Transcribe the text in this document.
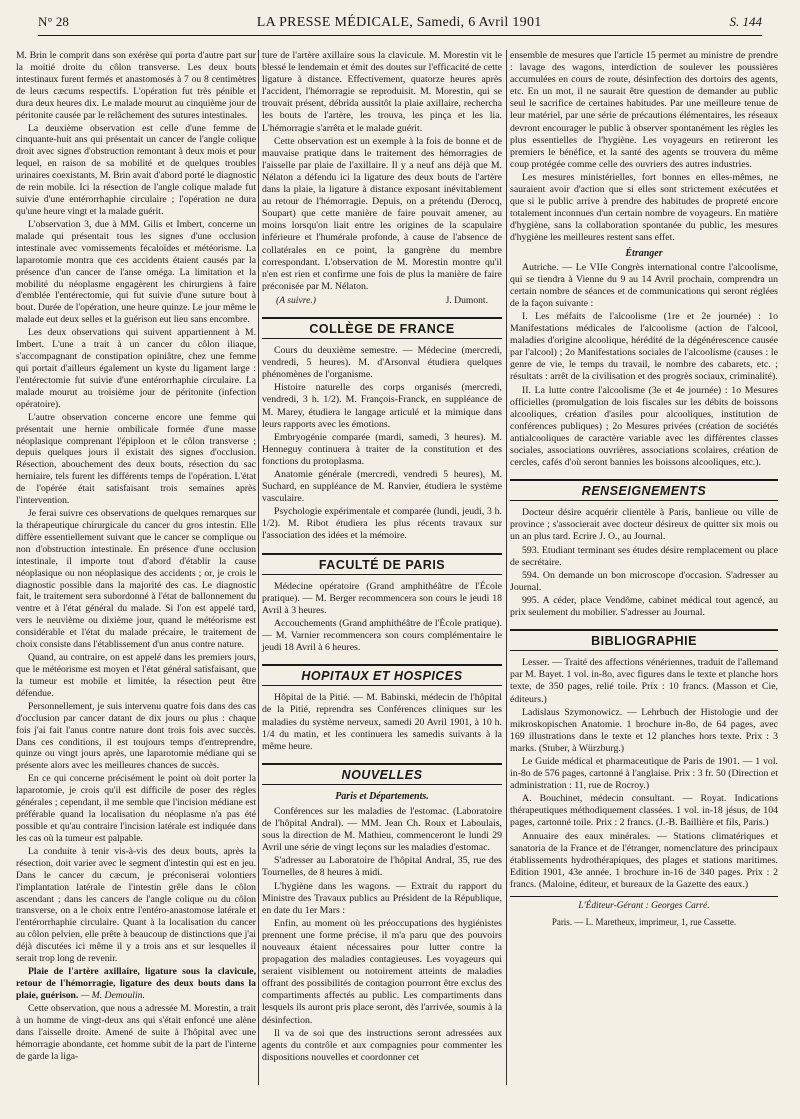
N° 28	LA PRESSE MÉDICALE, Samedi, 6 Avril 1901	S. 144

M. Brin le comprit dans son exérèse qui porta d'autre part sur la moitié droite du côlon transverse. Les deux bouts intestinaux furent fermés et anastomosés à 7 ou 8 centimètres de leurs cæcums respectifs. L'opération fut très pénible et dura deux heures dix. Le malade mourut au cinquième jour de péritonite causée par le relâchement des sutures intestinales.

La deuxième observation est celle d'une femme de cinquante-huit ans qui présentait un cancer de l'angle colique droit avec signes d'obstruction remontant à deux mois et pour lequel, en raison de sa mobilité et de quelques troubles urinaires coexistants, M. Brin avait d'abord porté le diagnostic de rein mobile. Ici la résection de l'angle colique malade fut suivie d'une entérorrhaphie circulaire ; l'opération ne dura qu'une heure vingt et la malade guérit.

L'observation 3, due à MM. Gilis et Imbert, concerne un malade qui présentait tous les signes d'une occlusion intestinale avec vomissements fécaloïdes et météorisme. La laparotomie montra que ces accidents étaient causés par la présence d'un cancer de l'anse oméga. La limitation et la mobilité du néoplasme engagèrent les chirurgiens à faire d'emblée l'entérectomie, qui fut suivie d'une suture bout à bout. Durée de l'opération, une heure quinze. Le jour même le malade eut deux selles et la guérison eut lieu sans encombre.

Les deux observations qui suivent appartiennent à M. Imbert. L'une a trait à un cancer du côlon iliaque, s'accompagnant de constipation opiniâtre, chez une femme qui portait d'ailleurs également un kyste du ligament large : l'entérectomie fut suivie d'une entérorrhaphie circulaire. La malade mourut au troisième jour de péritonite (infection opératoire).

L'autre observation concerne encore une femme qui présentait une hernie ombilicale formée d'une masse néoplasique comprenant l'épiploon et le côlon transverse ; depuis quelques jours il existait des signes d'occlusion. Résection, abouchement des deux bouts, résection du sac herniaire, tels furent les différents temps de l'opération. L'état de l'opérée était satisfaisant trois semaines après l'intervention.

Je ferai suivre ces observations de quelques remarques sur la thérapeutique chirurgicale du cancer du gros intestin. Elle diffère essentiellement suivant que le cancer se complique ou non d'obstruction intestinale. En présence d'une occlusion intestinale, il importe tout d'abord d'établir la cause néoplasique ou non néoplasique des accidents ; or, je crois le diagnostic possible dans la majorité des cas. Le diagnostic fait, le traitement sera subordonné à l'état de ballonnement du ventre et à l'état général du malade. Si l'on est appelé tard, vers le neuvième ou dixième jour, quand le météorisme est considérable et l'état du malade précaire, le traitement de choix consiste dans l'établissement d'un anus contre nature.

Quand, au contraire, on est appelé dans les premiers jours, que le météorisme est moyen et l'état général satisfaisant, que la tumeur est mobile et limitée, la résection peut être défendue.

Personnellement, je suis intervenu quatre fois dans des cas d'occlusion par cancer datant de dix jours ou plus : chaque fois j'ai fait l'anus contre nature dont trois fois avec succès. Dans ces conditions, il est toujours temps d'entreprendre, quinze ou vingt jours après, une laparotomie médiane qui se présente alors avec les meilleures chances de succès.

En ce qui concerne précisément le point où doit porter la laparotomie, je crois qu'il est difficile de poser des règles générales ; cependant, il me semble que l'incision médiane est préférable quand la localisation du néoplasme n'a pas été possible et qu'au contraire l'incision latérale est indiquée dans les cas où la tumeur est palpable.

La conduite à tenir vis-à-vis des deux bouts, après la résection, doit varier avec le segment d'intestin qui est en jeu. Dans le cancer du cæcum, je préconiserai volontiers l'implantation latérale de l'intestin grêle dans le côlon ascendant ; dans les cancers de l'angle colique ou du côlon transverse, on a le choix entre l'entéro-anastomose latérale et l'entérorrhaphie circulaire. Quant à la localisation du cancer au côlon pelvien, elle prête à beaucoup de distinctions que j'ai déjà discutées ici même il y a trois ans et sur lesquelles il serait trop long de revenir.

Plaie de l'artère axillaire, ligature sous la clavicule, retour de l'hémorragie, ligature des deux bouts dans la plaie, guérison. — M. Demoulin.

Cette observation, que nous a adressée M. Morestin, a trait à un homme de vingt-deux ans qui s'était enfoncé une alène dans l'aisselle droite. Amené de suite à l'hôpital avec une hémorragie abondante, cet homme subit de la part de l'interne de garde la liga-

ture de l'artère axillaire sous la clavicule. M. Morestin vit le blessé le lendemain et émit des doutes sur l'efficacité de cette ligature à distance. Effectivement, quatorze heures après l'accident, l'hémorragie se reproduisit. M. Morestin, qui se trouvait présent, débrida aussitôt la plaie axillaire, rechercha les bouts de l'artère, les trouva, les pinça et les lia. L'hémorragie s'arrêta et le malade guérit.

Cette observation est un exemple à la fois de bonne et de mauvaise pratique dans le traitement des hémorragies de l'aisselle par plaie de l'axillaire. Il y a neuf ans déjà que M. Nélaton a défendu ici la ligature des deux bouts de l'artère dans la plaie, la ligature à distance exposant inévitablement au retour de l'hémorragie. Depuis, on a prétendu (Derocq, Soupart) que cette manière de faire pouvait amener, au moins lorsqu'on liait entre les origines de la scapulaire inférieure et l'humérale profonde, à cause de l'absence de collatérales en ce point, la gangrène du membre correspondant. L'observation de M. Morestin montre qu'il n'en est rien et confirme une fois de plus la manière de faire préconisée par M. Nélaton.

(A suivre.)	J. Dumont.
COLLÈGE DE FRANCE

Cours du deuxième semestre. — Médecine (mercredi, vendredi, 5 heures). M. d'Arsonval étudiera quelques phénomènes de l'organisme.

Histoire naturelle des corps organisés (mercredi, vendredi, 3 h. 1/2). M. François-Franck, en suppléance de M. Marey, étudiera le langage articulé et la mimique dans leurs rapports avec les émotions.

Embryogénie comparée (mardi, samedi, 3 heures). M. Henneguy continuera à traiter de la constitution et des fonctions du protoplasma.

Anatomie générale (mercredi, vendredi 5 heures), M. Suchard, en suppléance de M. Ranvier, étudiera le système vasculaire.

Psychologie expérimentale et comparée (lundi, jeudi, 3 h. 1/2). M. Ribot étudiera les plus récents travaux sur l'association des idées et la mémoire.

FACULTÉ DE PARIS

Médecine opératoire (Grand amphithéâtre de l'École pratique). — M. Berger recommencera son cours le jeudi 18 Avril à 3 heures.

Accouchements (Grand amphithéâtre de l'École pratique). — M. Varnier recommencera son cours complémentaire le jeudi 18 Avril à 6 heures.

HOPITAUX ET HOSPICES

Hôpital de la Pitié. — M. Babinski, médecin de l'hôpital de la Pitié, reprendra ses Conférences cliniques sur les maladies du système nerveux, samedi 20 Avril 1901, à 10 h. 1/4 du matin, et les continuera les samedis suivants à la même heure.

NOUVELLES
Paris et Départements.

Conférences sur les maladies de l'estomac. (Laboratoire de l'hôpital Andral). — MM. Jean Ch. Roux et Laboulais, sous la direction de M. Mathieu, commenceront le lundi 29 Avril une série de vingt leçons sur les maladies d'estomac.

S'adresser au Laboratoire de l'hôpital Andral, 35, rue des Tournelles, de 8 heures à midi.

L'hygiène dans les wagons. — Extrait du rapport du Ministre des Travaux publics au Président de la République, en date du 1er Mars :

Enfin, au moment où les préoccupations des hygiénistes prennent une forme précise, il m'a paru que des pouvoirs nouveaux étaient nécessaires pour lutter contre la propagation des maladies contagieuses. Les voyageurs qui seraient visiblement ou notoirement atteints de maladies offrant des possibilités de contagion pourront être exclus des compartiments affectés au public. Les compartiments dans lesquels ils auront pris place seront, dès l'arrivée, soumis à la désinfection.

Il va de soi que des instructions seront adressées aux agents du contrôle et aux compagnies pour commenter les dispositions nouvelles et coordonner cet

ensemble de mesures que l'article 15 permet au ministre de prendre : lavage des wagons, interdiction de soulever les poussières accumulées en cours de route, désinfection des dortoirs des agents, etc. En un mot, il ne saurait être question de demander au public seul le sacrifice de certaines habitudes. Par une meilleure tenue de leur matériel, par une série de précautions élémentaires, les réseaux devront encourager le public à observer spontanément les règles les plus essentielles de l'hygiène. Les voyageurs en retireront les premiers le bénéfice, et la santé des agents se trouvera du même coup protégée comme celle des ouvriers des autres industries.

Les mesures ministérielles, fort bonnes en elles-mêmes, ne sauraient avoir d'action que si elles sont strictement exécutées et que si le public arrive à prendre des habitudes de propreté encore totalement inconnues d'un certain nombre de voyageurs. En matière d'hygiène, sans la collaboration spontanée du public, les mesures d'hygiène les meilleures restent sans effet.

Étranger

Autriche. — Le VIIe Congrès international contre l'alcoolisme, qui se tiendra à Vienne du 9 au 14 Avril prochain, comprendra un certain nombre de séances et de communications qui seront réglées de la façon suivante :

I. Les méfaits de l'alcoolisme (1re et 2e journée) : 1o Manifestations médicales de l'alcoolisme (action de l'alcool, maladies d'origine alcoolique, hérédité de la dégénérescence causée par l'alcool) ; 2o Manifestations sociales de l'alcoolisme (causes : le genre de vie, le temps du travail, le nombre des cabarets, etc. ; résultats : arrêt de la civilisation et des progrès sociaux, criminalité).

II. La lutte contre l'alcoolisme (3e et 4e journée) : 1o Mesures officielles (promulgation de lois fiscales sur les débits de boissons alcooliques, création d'asiles pour alcooliques, institution de conférences publiques) ; 2o Mesures privées (création de sociétés antialcooliques de caractère variable avec les différentes classes sociales, associations ouvrières, associations scolaires, création de cercles, cafés d'où seront bannies les boissons alcooliques, etc.).

RENSEIGNEMENTS

Docteur désire acquérir clientèle à Paris, banlieue ou ville de province ; s'associerait avec docteur désireux de quitter six mois ou un an plus tard. Ecrire J. O., au Journal.

593. Etudiant terminant ses études désire remplacement ou place de secrétaire.

594. On demande un bon microscope d'occasion. S'adresser au Journal.

995. A céder, place Vendôme, cabinet médical tout agencé, au prix seulement du mobilier. S'adresser au Journal.

BIBLIOGRAPHIE

Lesser. — Traité des affections vénériennes, traduit de l'allemand par M. Bayet. 1 vol. in-8o, avec figures dans le texte et planche hors texte, de 350 pages, relié toile. Prix : 10 francs. (Masson et Cie, éditeurs.)

Ladislaus Szymonowicz. — Lehrbuch der Histologie und der mikroskopischen Anatomie. 1 brochure in-8o, de 64 pages, avec 169 illustrations dans le texte et 12 planches hors texte. Prix : 3 marks. (Stuber, à Würzburg.)

Le Guide médical et pharmaceutique de Paris de 1901. — 1 vol. in-8o de 576 pages, cartonné à l'anglaise. Prix : 3 fr. 50 (Direction et administration : 11, rue de Rocroy.)

A. Bouchinet, médecin consultant. — Royat. Indications thérapeutiques méthodiquement classées. 1 vol. in-18 jésus, de 104 pages, cartonné toile. Prix : 2 francs. (J.-B. Baillière et fils, Paris.)

Annuaire des eaux minérales. — Stations climatériques et sanatoria de la France et de l'étranger, nomenclature des principaux établissements hydrothérapiques, des plages et stations maritimes. Edition 1901, 43e année. 1 brochure in-16 de 340 pages. Prix : 2 francs. (Maloine, éditeur, et bureaux de la Gazette des eaux.)

L'Éditeur-Gérant : Georges Carré.
Paris. — L. Maretheux, imprimeur, 1, rue Cassette.
